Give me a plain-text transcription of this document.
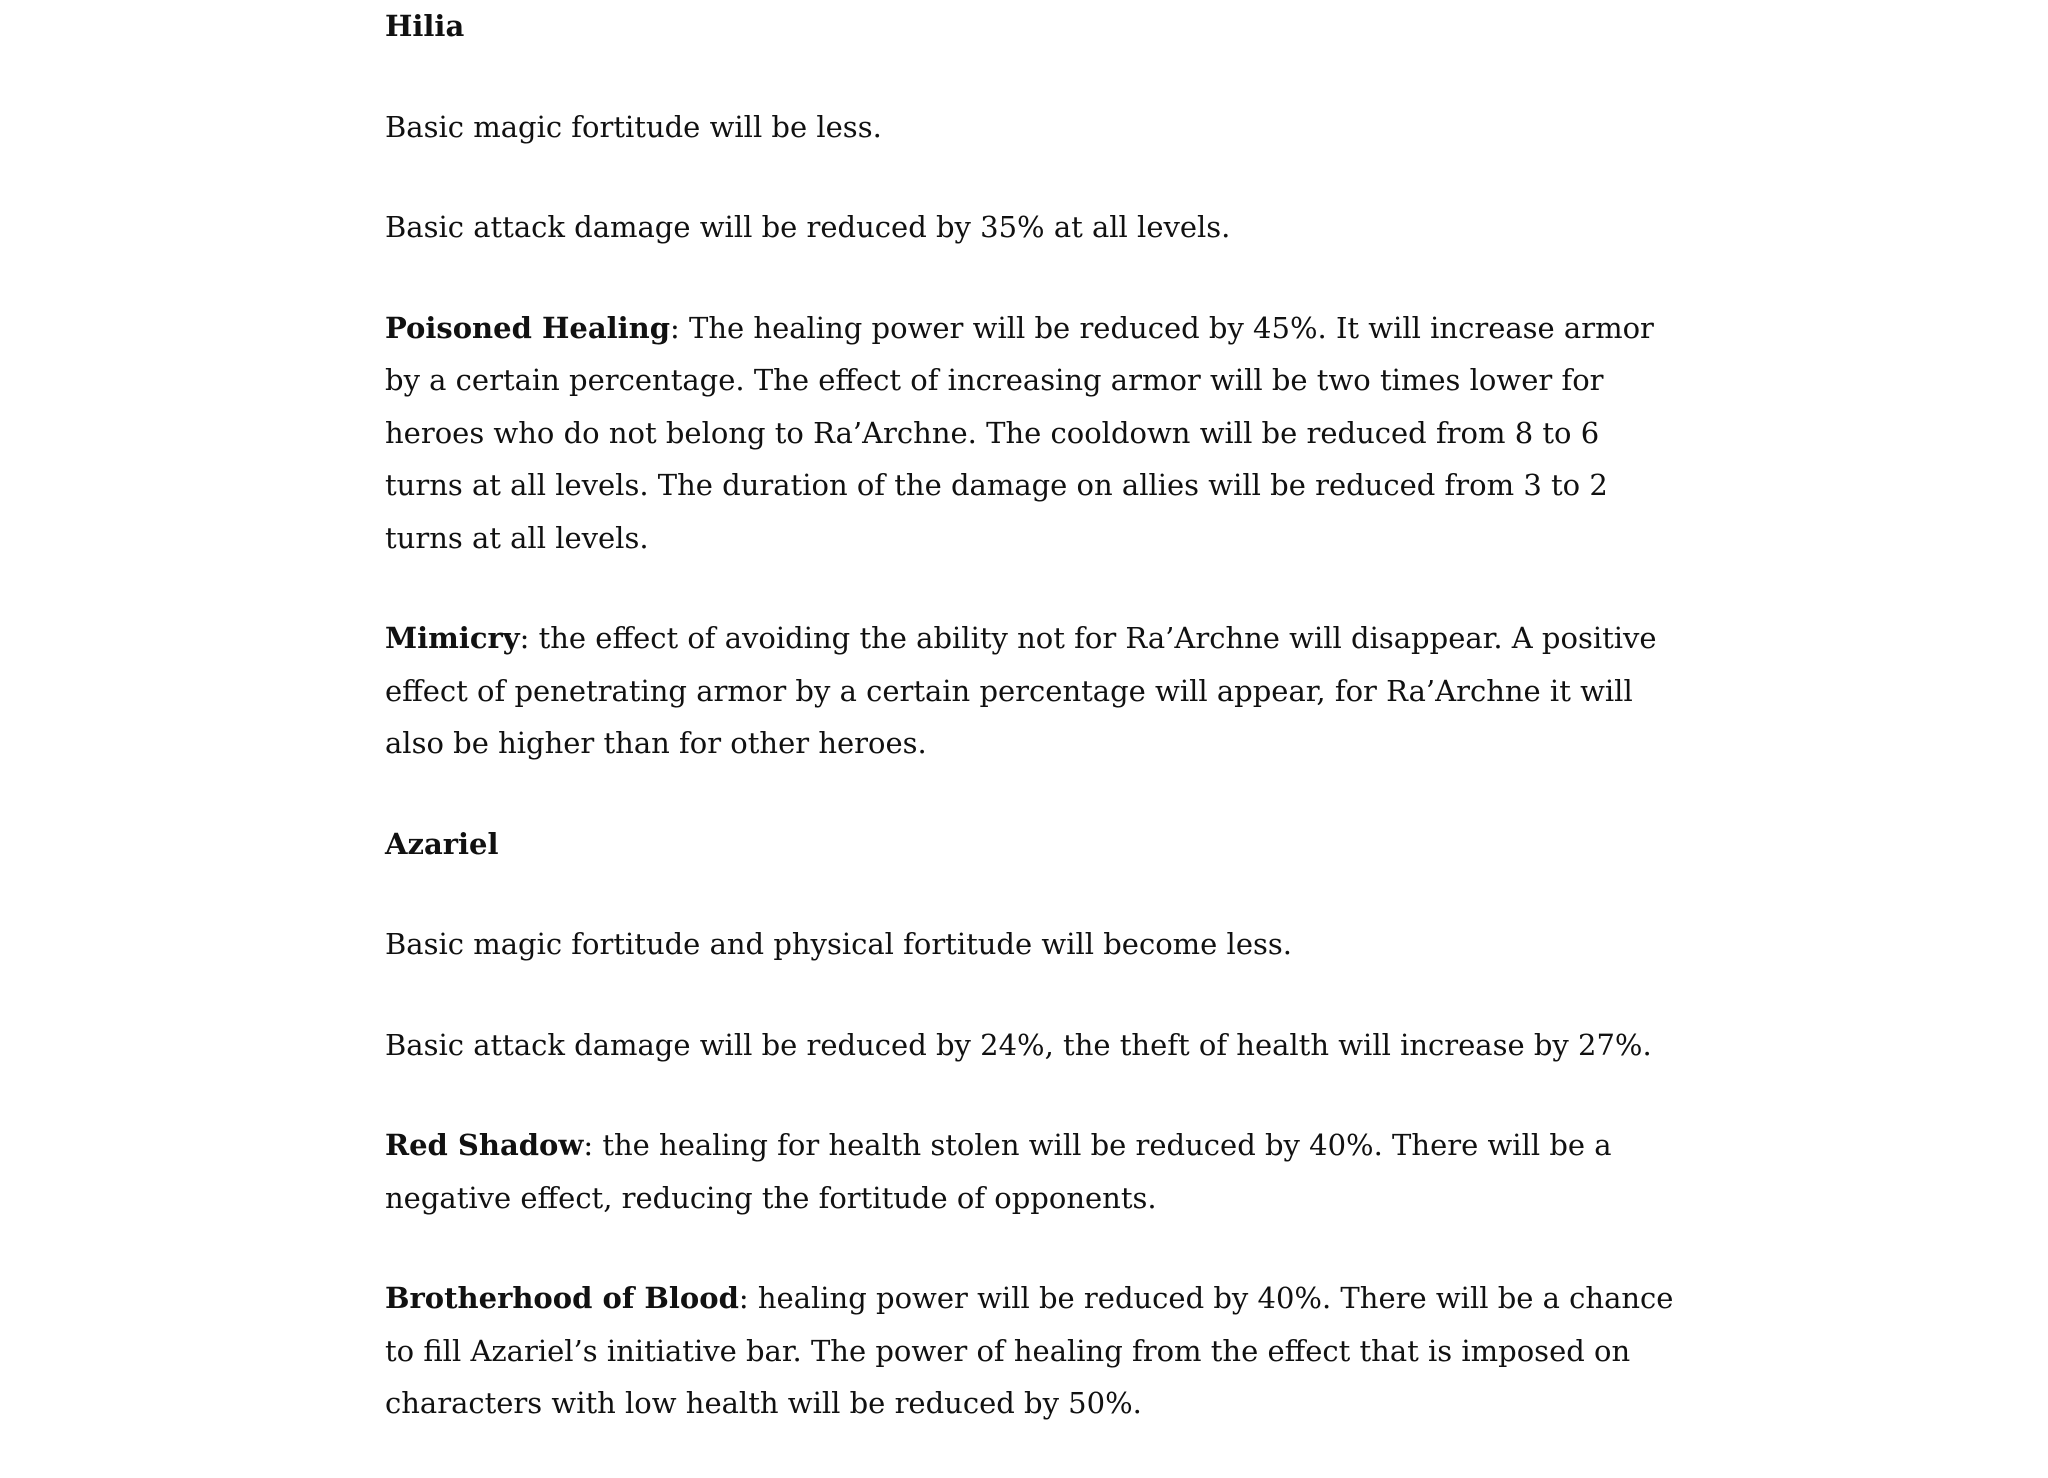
Hilia

Basic magic fortitude will be less.

Basic attack damage will be reduced by 35% at all levels.

Poisoned Healing: The healing power will be reduced by 45%. It will increase armor by a certain percentage. The effect of increasing armor will be two times lower for heroes who do not belong to Ra’Archne. The cooldown will be reduced from 8 to 6 turns at all levels. The duration of the damage on allies will be reduced from 3 to 2 turns at all levels.

Mimicry: the effect of avoiding the ability not for Ra’Archne will disappear. A positive effect of penetrating armor by a certain percentage will appear, for Ra’Archne it will also be higher than for other heroes.

Azariel

Basic magic fortitude and physical fortitude will become less.

Basic attack damage will be reduced by 24%, the theft of health will increase by 27%.

Red Shadow: the healing for health stolen will be reduced by 40%. There will be a negative effect, reducing the fortitude of opponents.

Brotherhood of Blood: healing power will be reduced by 40%. There will be a chance to fill Azariel’s initiative bar. The power of healing from the effect that is imposed on characters with low health will be reduced by 50%.
